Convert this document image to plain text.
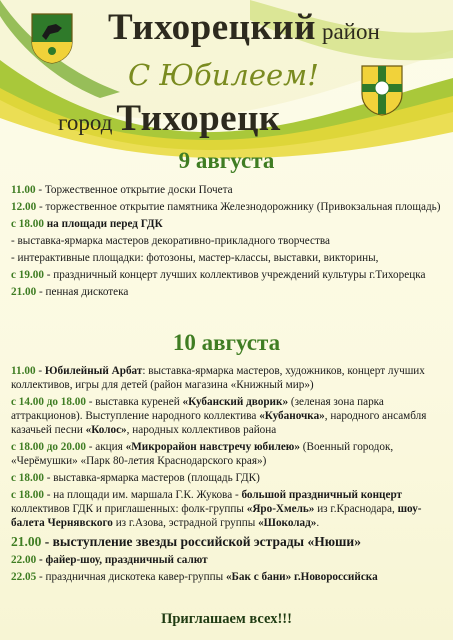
Тихорецкий район
С Юбилеем!
город Тихорецк
9 августа
11.00 - Торжественное открытие доски Почета
12.00 - торжественное открытие памятника Железнодорожнику (Привокзальная площадь)
с 18.00 на площади перед ГДК
- выставка-ярмарка мастеров декоративно-прикладного творчества
- интерактивные площадки: фотозоны, мастер-классы, выставки, викторины,
с 19.00 - праздничный концерт лучших коллективов учреждений культуры г.Тихорецка
21.00 - пенная дискотека
10 августа
11.00 - Юбилейный Арбат: выставка-ярмарка мастеров, художников, концерт лучших коллективов, игры для детей (район магазина «Книжный мир»)
с 14.00 до 18.00 - выставка куреней «Кубанский дворик» (зеленая зона парка аттракционов). Выступление народного коллектива «Кубаночка», народного ансамбля казачьей песни «Колос», народных коллективов района
с 18.00 до 20.00 - акция «Микрорайон навстречу юбилею» (Военный городок, «Черёмушки» «Парк 80-летия Краснодарского края»)
с 18.00 - выставка-ярмарка мастеров (площадь ГДК)
с 18.00 - на площади им. маршала Г.К. Жукова - большой праздничный концерт коллективов ГДК и приглашенных: фолк-группы «Яро-Хмель» из г.Краснодара, шоу-балета Чернявского из г.Азова, эстрадной группы «Шоколад».
21.00 - выступление звезды российской эстрады «Нюши»
22.00 - файер-шоу, праздничный салют
22.05 - праздничная дискотека кавер-группы «Бак с бани» г.Новороссийска
Приглашаем всех!!!
